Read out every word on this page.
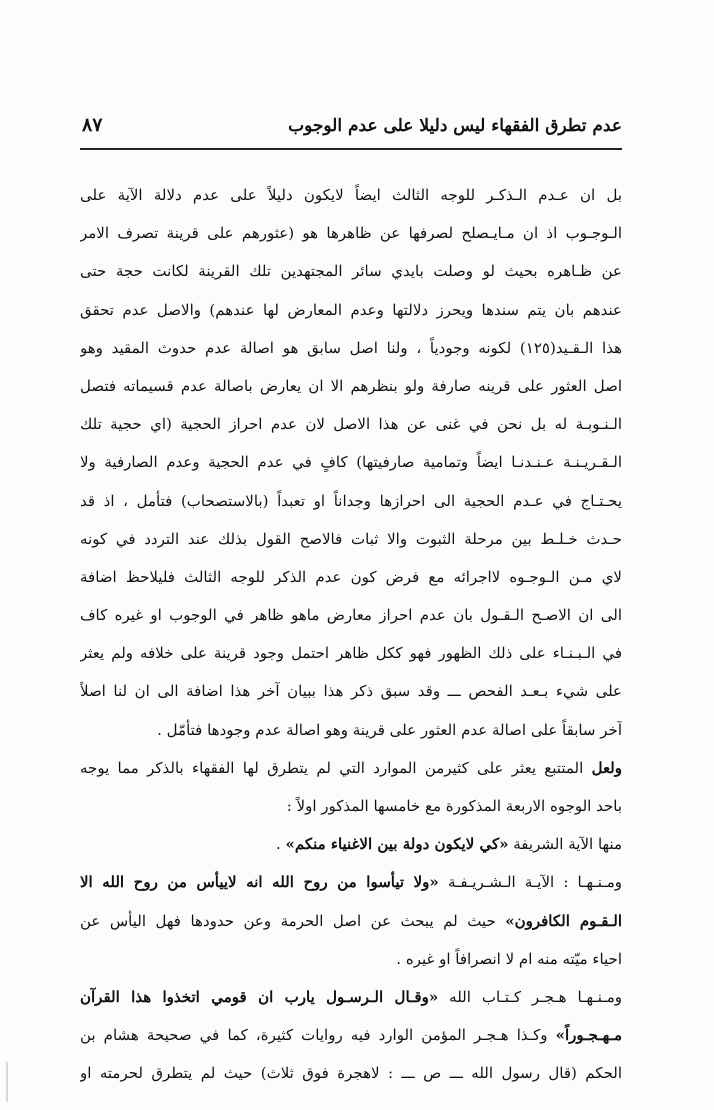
عدم تطرق الفقهاء ليس دليلا على عدم الوجوب
٨٧
بل ان عـدم الـذكـر للوجه الثالث ايضاً لايكون دليلاً على عدم دلالة الآية على
الـوجـوب اذ ان مـايـصلح لصرفها عن ظاهرها هو (عثورهم على قرينة تصرف الامر
عن ظـاهره بحيث لو وصلت بايدي سائر المجتهدين تلك القرينة لكانت حجة حتى
عندهم بان يتم سندها ويحرز دلالتها وعدم المعارض لها عندهم) والاصل عدم تحقق
هذا الـقـيد(١٢٥) لكونه وجودياً ، ولنا اصل سابق هو اصالة عدم حدوث المقيد وهو
اصل العثور على قرينه صارفة ولو بنظرهم الا ان يعارض باصالة عدم قسيماته فتصل
الـنـوبـة له بل نحن في غنى عن هذا الاصل لان عدم احراز الحجية (اي حجية تلك
الـقـريـنـة عـنـدنـا ايضاً وتمامية صارفيتها) كافٍ في عدم الحجية وعدم الصارفية ولا
يحـتـاج في عـدم الحجية الى احرازها وجداناً او تعبداً (بالاستصحاب) فتأمل ، اذ قد
حـدث خـلـط بين مرحلة الثبوت والا ثبات فالاصح القول بذلك عند التردد في كونه
لاي مـن الـوجـوه لااجرائه مع فرض كون عدم الذكر للوجه الثالث فليلاحظ اضافة
الى ان الاصـح الـقـول بان عدم احراز معارض ماهو ظاهر في الوجوب او غيره كاف
في الـبـنـاء على ذلك الظهور فهو ككل ظاهر احتمل وجود قرينة على خلافه ولم يعثر
على شيء بـعـد الفحص ـــ وقد سبق ذكر هذا ببيان آخر هذا اضافة الى ان لنا اصلاً
آخر سابقاً على اصالة عدم العثور على قرينة وهو اصالة عدم وجودها فتأمّل .
ولعل المتتبع يعثر على كثيرمن الموارد التي لم يتطرق لها الفقهاء بالذكر مما يوجه
باحد الوجوه الاربعة المذكورة مع خامسها المذكور اولاً :
منها الآية الشريفة «كي لايكون دولة بين الاغنياء منكم» .
ومـنـهـا : الآيـة الـشـريـفـة «ولا تيأسوا من روح الله انه لاييأس من روح الله الا
الـقـوم الكافرون» حيث لم يبحث عن اصل الحرمة وعن حدودها فهل اليأس عن
احياء ميّته منه ام لا انصرافاً او غيره .
ومـنـهـا هـجـر كـتـاب الله «وقـال الـرسـول يارب ان قومي اتخذوا هذا القرآن
مـهـجـوراً» وكـذا هـجـر المؤمن الوارد فيه روايات كثيرة، كما في صحيحة هشام بن
الحكم (قال رسول الله ـــ ص ـــ : لاهجرة فوق ثلاث) حيث لم يتطرق لحرمته او
